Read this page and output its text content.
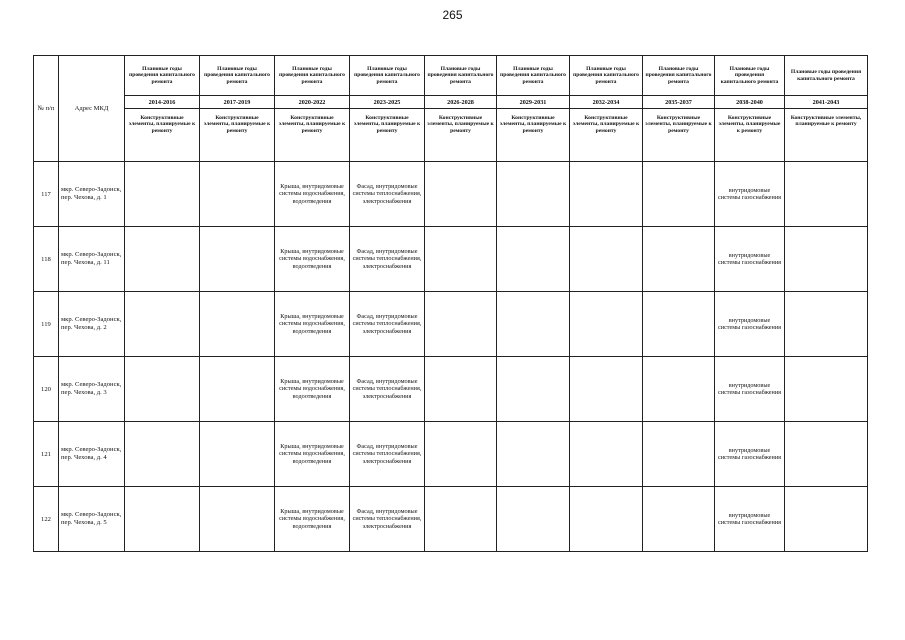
265
№ п/п	Адрес МКД	Плановые годы проведения капитального ремонта	Плановые годы проведения капитального ремонта	Плановые годы проведения капитального ремонта	Плановые годы проведения капитального ремонта	Плановые годы проведения капитального ремонта	Плановые годы проведения капитального ремонта	Плановые годы проведения капитального ремонта	Плановые годы проведения капитального ремонта	Плановые годы проведения капитального ремонта	Плановые годы проведения капитального ремонта
		2014-2016	2017-2019	2020-2022	2023-2025	2026-2028	2029-2031	2032-2034	2035-2037	2038-2040	2041-2043
		Конструктивные элементы, планируемые к ремонту	Конструктивные элементы, планируемые к ремонту	Конструктивные элементы, планируемые к ремонту	Конструктивные элементы, планируемые к ремонту	Конструктивные элементы, планируемые к ремонту	Конструктивные элементы, планируемые к ремонту	Конструктивные элементы, планируемые к ремонту	Конструктивные элементы, планируемые к ремонту	Конструктивные элементы, планируемые к ремонту	Конструктивные элементы, планируемые к ремонту
117	мкр. Северо-Задонск, пер. Чехова, д. 1			Крыша, внутридомовые системы водоснабжения, водоотведения	Фасад, внутридомовые системы теплоснабжения, электроснабжения					внутридомовые системы газоснабжения	
118	мкр. Северо-Задонск, пер. Чехова, д. 11			Крыша, внутридомовые системы водоснабжения, водоотведения	Фасад, внутридомовые системы теплоснабжения, электроснабжения					внутридомовые системы газоснабжения	
119	мкр. Северо-Задонск, пер. Чехова, д. 2			Крыша, внутридомовые системы водоснабжения, водоотведения	Фасад, внутридомовые системы теплоснабжения, электроснабжения					внутридомовые системы газоснабжения	
120	мкр. Северо-Задонск, пер. Чехова, д. 3			Крыша, внутридомовые системы водоснабжения, водоотведения	Фасад, внутридомовые системы теплоснабжения, электроснабжения					внутридомовые системы газоснабжения	
121	мкр. Северо-Задонск, пер. Чехова, д. 4			Крыша, внутридомовые системы водоснабжения, водоотведения	Фасад, внутридомовые системы теплоснабжения, электроснабжения					внутридомовые системы газоснабжения	
122	мкр. Северо-Задонск, пер. Чехова, д. 5			Крыша, внутридомовые системы водоснабжения, водоотведения	Фасад, внутридомовые системы теплоснабжения, электроснабжения					внутридомовые системы газоснабжения	
